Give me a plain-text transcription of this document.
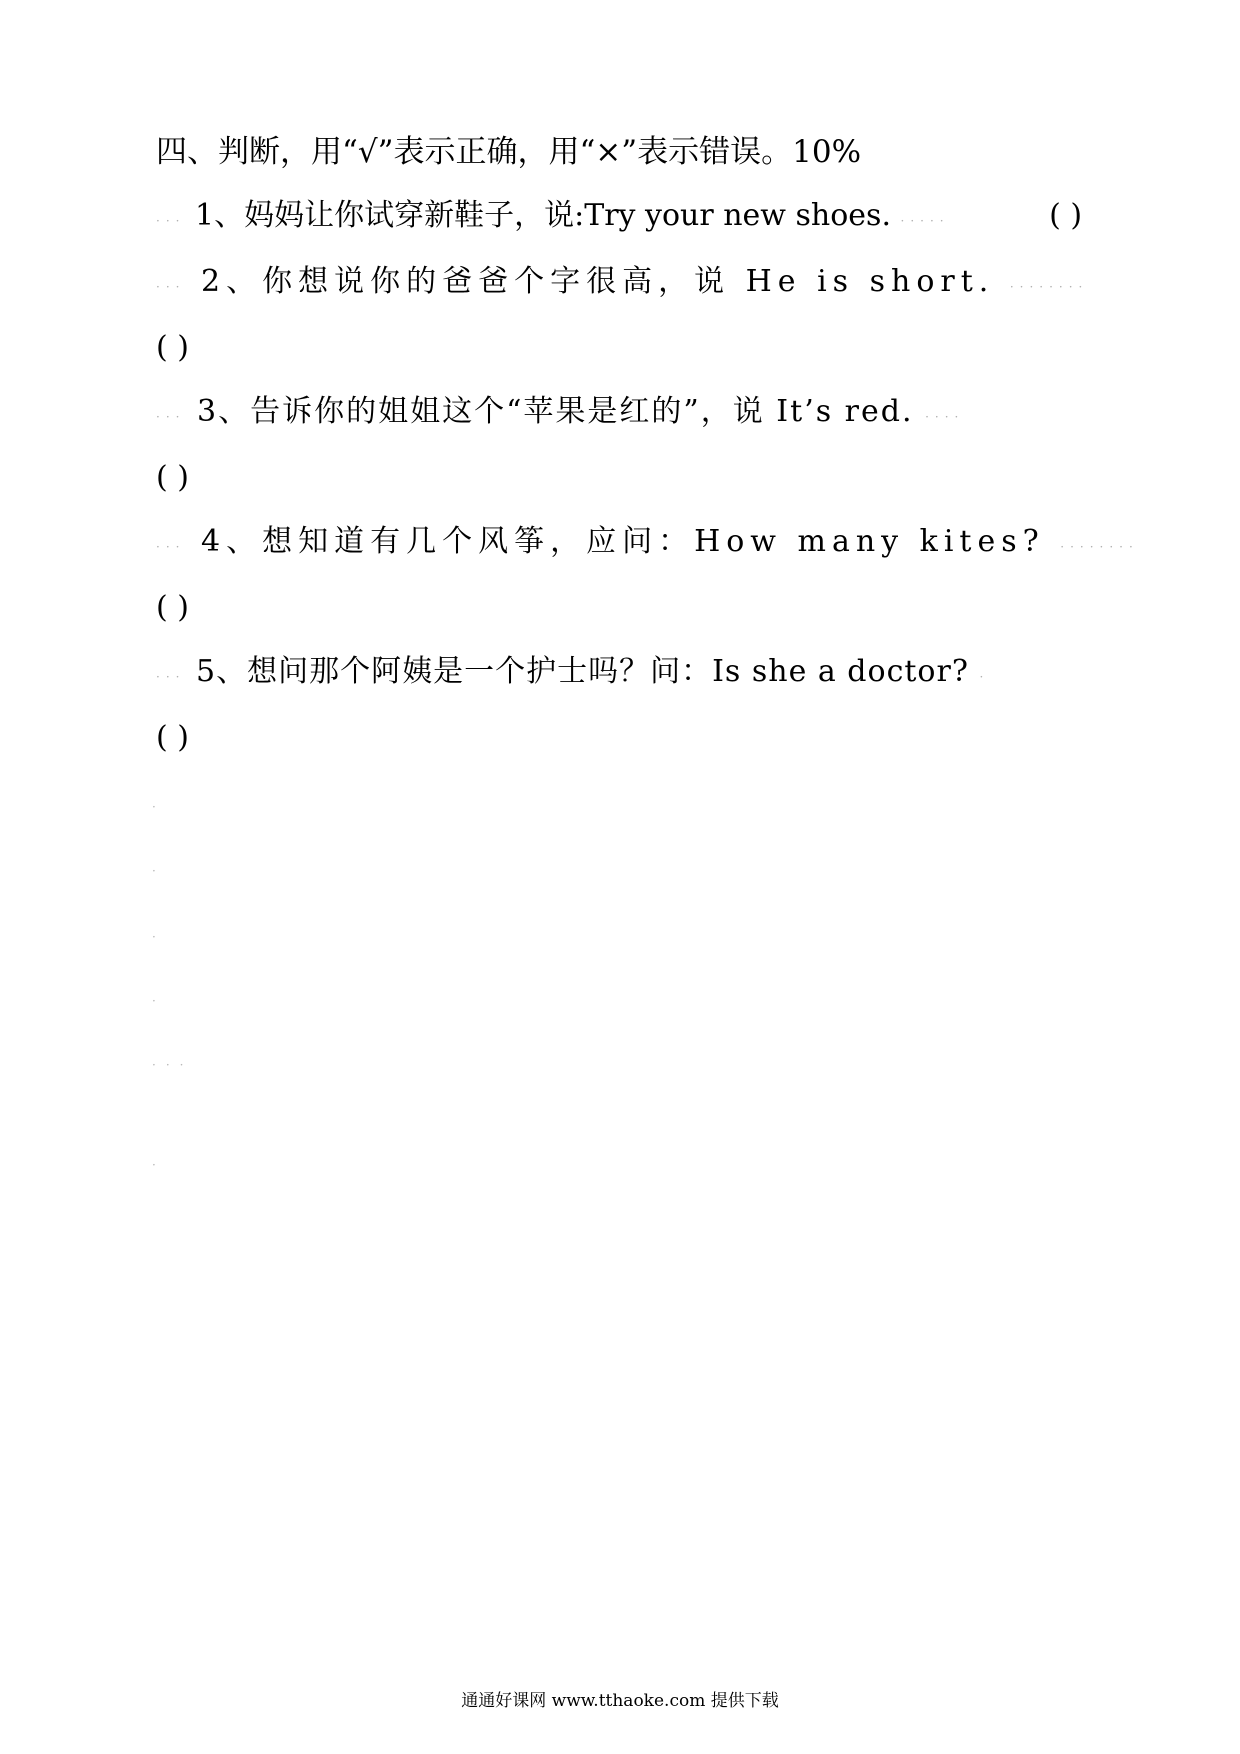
四、判断，用“√”表示正确，用“×”表示错误。10%
··· 1、妈妈让你试穿新鞋子，说:Try your new shoes. ·····	( )
··· 2、你想说你的爸爸个字很高，说 He is short. ········
( )
··· 3、告诉你的姐姐这个“苹果是红的”，说 It’s red. ····
( )
··· 4、想知道有几个风筝，应问：How many kites? ········
( )
··· 5、想问那个阿姨是一个护士吗？问：Is she a doctor? ·
( )
·
·
·
·
···
·
通通好课网 www.tthaoke.com 提供下载
